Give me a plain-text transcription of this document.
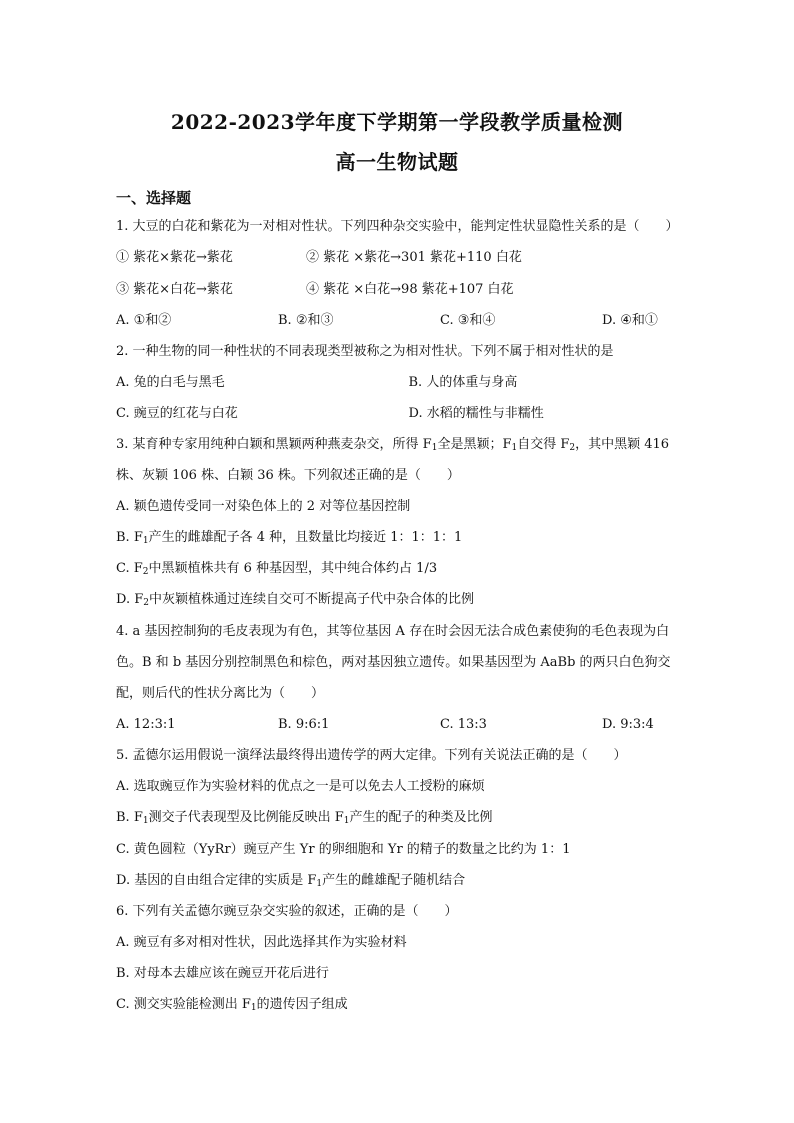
2022-2023学年度下学期第一学段教学质量检测
高一生物试题
一、选择题
1. 大豆的白花和紫花为一对相对性状。下列四种杂交实验中，能判定性状显隐性关系的是（　　）
① 紫花×紫花→紫花	② 紫花 ×紫花→301 紫花+110 白花
③ 紫花×白花→紫花	④ 紫花 ×白花→98 紫花+107 白花
A. ①和②	B. ②和③	C. ③和④	D. ④和①
2. 一种生物的同一种性状的不同表现类型被称之为相对性状。下列不属于相对性状的是
A. 兔的白毛与黑毛	B. 人的体重与身高
C. 豌豆的红花与白花	D. 水稻的糯性与非糯性
3. 某育种专家用纯种白颖和黑颖两种燕麦杂交，所得 $F_1$全是黑颖；$F_1$自交得 $F_2$，其中黑颖 416
株、灰颖 106 株、白颖 36 株。下列叙述正确的是（　　）
A. 颖色遗传受同一对染色体上的 2 对等位基因控制
B. $F_1$产生的雌雄配子各 4 种，且数量比均接近 1：1：1：1
C. $F_2$中黑颖植株共有 6 种基因型，其中纯合体约占 1/3
D. $F_2$中灰颖植株通过连续自交可不断提高子代中杂合体的比例
4. a 基因控制狗的毛皮表现为有色，其等位基因 A 存在时会因无法合成色素使狗的毛色表现为白
色。B 和 b 基因分别控制黑色和棕色，两对基因独立遗传。如果基因型为 AaBb 的两只白色狗交
配，则后代的性状分离比为（　　）
A. 12:3:1	B. 9:6:1	C. 13:3	D. 9:3:4
5. 孟德尔运用假说一演绎法最终得出遗传学的两大定律。下列有关说法正确的是（　　）
A. 选取豌豆作为实验材料的优点之一是可以免去人工授粉的麻烦
B. $F_1$测交子代表现型及比例能反映出 $F_1$产生的配子的种类及比例
C. 黄色圆粒（YyRr）豌豆产生 Yr 的卵细胞和 Yr 的精子的数量之比约为 1：1
D. 基因的自由组合定律的实质是 $F_1$产生的雌雄配子随机结合
6. 下列有关孟德尔豌豆杂交实验的叙述，正确的是（　　）
A. 豌豆有多对相对性状，因此选择其作为实验材料
B. 对母本去雄应该在豌豆开花后进行
C. 测交实验能检测出 $F_1$的遗传因子组成
